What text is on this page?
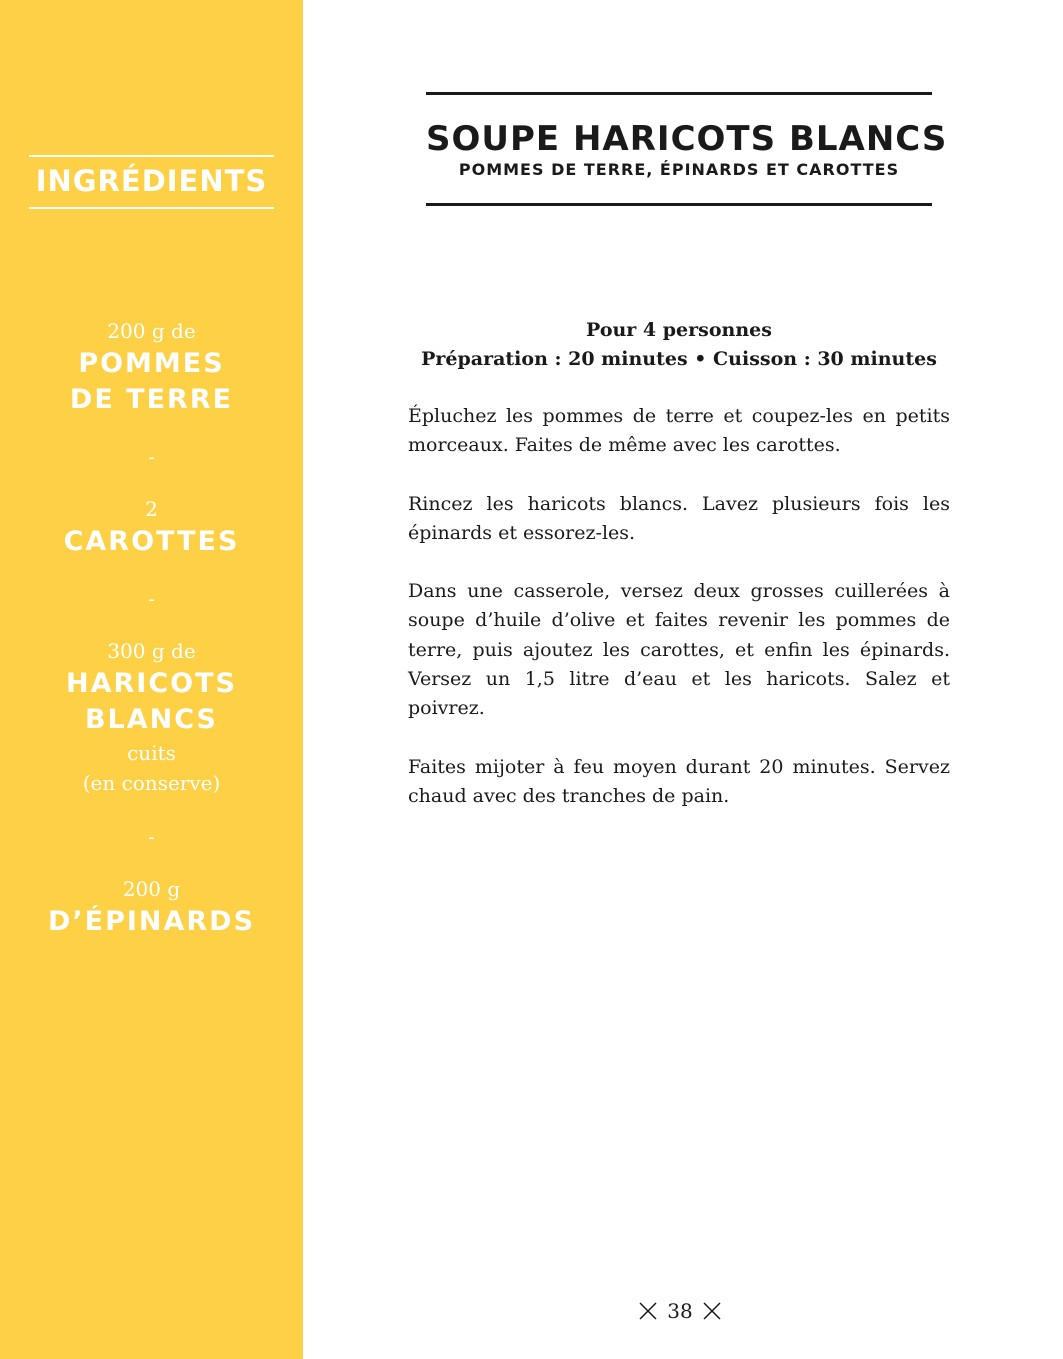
INGRÉDIENTS
200 g de
POMMES
DE TERRE
-
2
CAROTTES
-
300 g de
HARICOTS
BLANCS
cuits
(en conserve)
-
200 g
D’ÉPINARDS
SOUPE HARICOTS BLANCS
POMMES DE TERRE, ÉPINARDS ET CAROTTES
Pour 4 personnes
Préparation : 20 minutes • Cuisson : 30 minutes

Épluchez les pommes de terre et coupez-les en petits morceaux. Faites de même avec les carottes.

Rincez les haricots blancs. Lavez plusieurs fois les épinards et essorez-les.

Dans une casserole, versez deux grosses cuillerées à soupe d’huile d’olive et faites revenir les pommes de terre, puis ajoutez les carottes, et enfin les épinards. Versez un 1,5 litre d’eau et les haricots. Salez et poivrez.

Faites mijoter à feu moyen durant 20 minutes. Servez chaud avec des tranches de pain.

38
